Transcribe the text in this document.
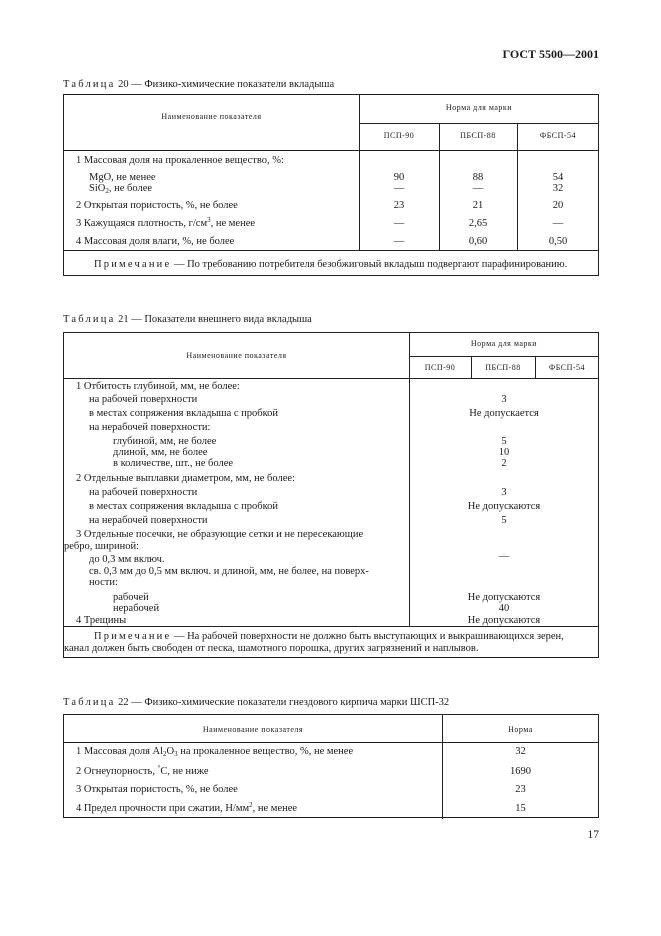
ГОСТ 5500—2001
Таблица 20 — Физико-химические показатели вкладыша
Наименование показателя
Норма для марки
ПСП-90	ПБСП-88	ФБСП-54
1 Массовая доля на прокаленное вещество, %:
MgO, не менее	90	88	54
SiO$_2$, не более	—	—	32
2 Открытая пористость, %, не более	23	21	20
3 Кажущаяся плотность, $г/см^3$, не менее	—	2,65	—
4 Массовая доля влаги, %, не более	—	0,60	0,50
Примечание — По требованию потребителя безобжиговый вкладыш подвергают парафинированию.
Таблица 21 — Показатели внешнего вида вкладыша
Наименование показателя
Норма для марки
ПСП-90	ПБСП-88	ФБСП-54
1 Отбитость глубиной, мм, не более:
на рабочей поверхности	3
в местах сопряжения вкладыша с пробкой	Не допускается
на нерабочей поверхности:
глубиной, мм, не более	5
длиной, мм, не более	10
в количестве, шт., не более	2
2 Отдельные выплавки диаметром, мм, не более:
на рабочей поверхности	3
в местах сопряжения вкладыша с пробкой	Не допускаются
на нерабочей поверхности	5
3 Отдельные посечки, не образующие сетки и не пересекающие
ребро, шириной:
до 0,3 мм включ.	—
св. 0,3 мм до 0,5 мм включ. и длиной, мм, не более, на поверх-
ности:
рабочей	Не допускаются
нерабочей	40
4 Трещины	Не допускаются
Примечание — На рабочей поверхности не должно быть выступающих и выкрашивающихся зерен,
канал должен быть свободен от песка, шамотного порошка, других загрязнений и наплывов.
Таблица 22 — Физико-химические показатели гнездового кирпича марки ШСП-32
Наименование показателя	Норма
1 Массовая доля $Al_2O_3$ на прокаленное вещество, %, не менее	32
2 Огнеупорность, °С, не ниже	1690
3 Открытая пористость, %, не более	23
4 Предел прочности при сжатии, $Н/мм^2$, не менее	15
17
